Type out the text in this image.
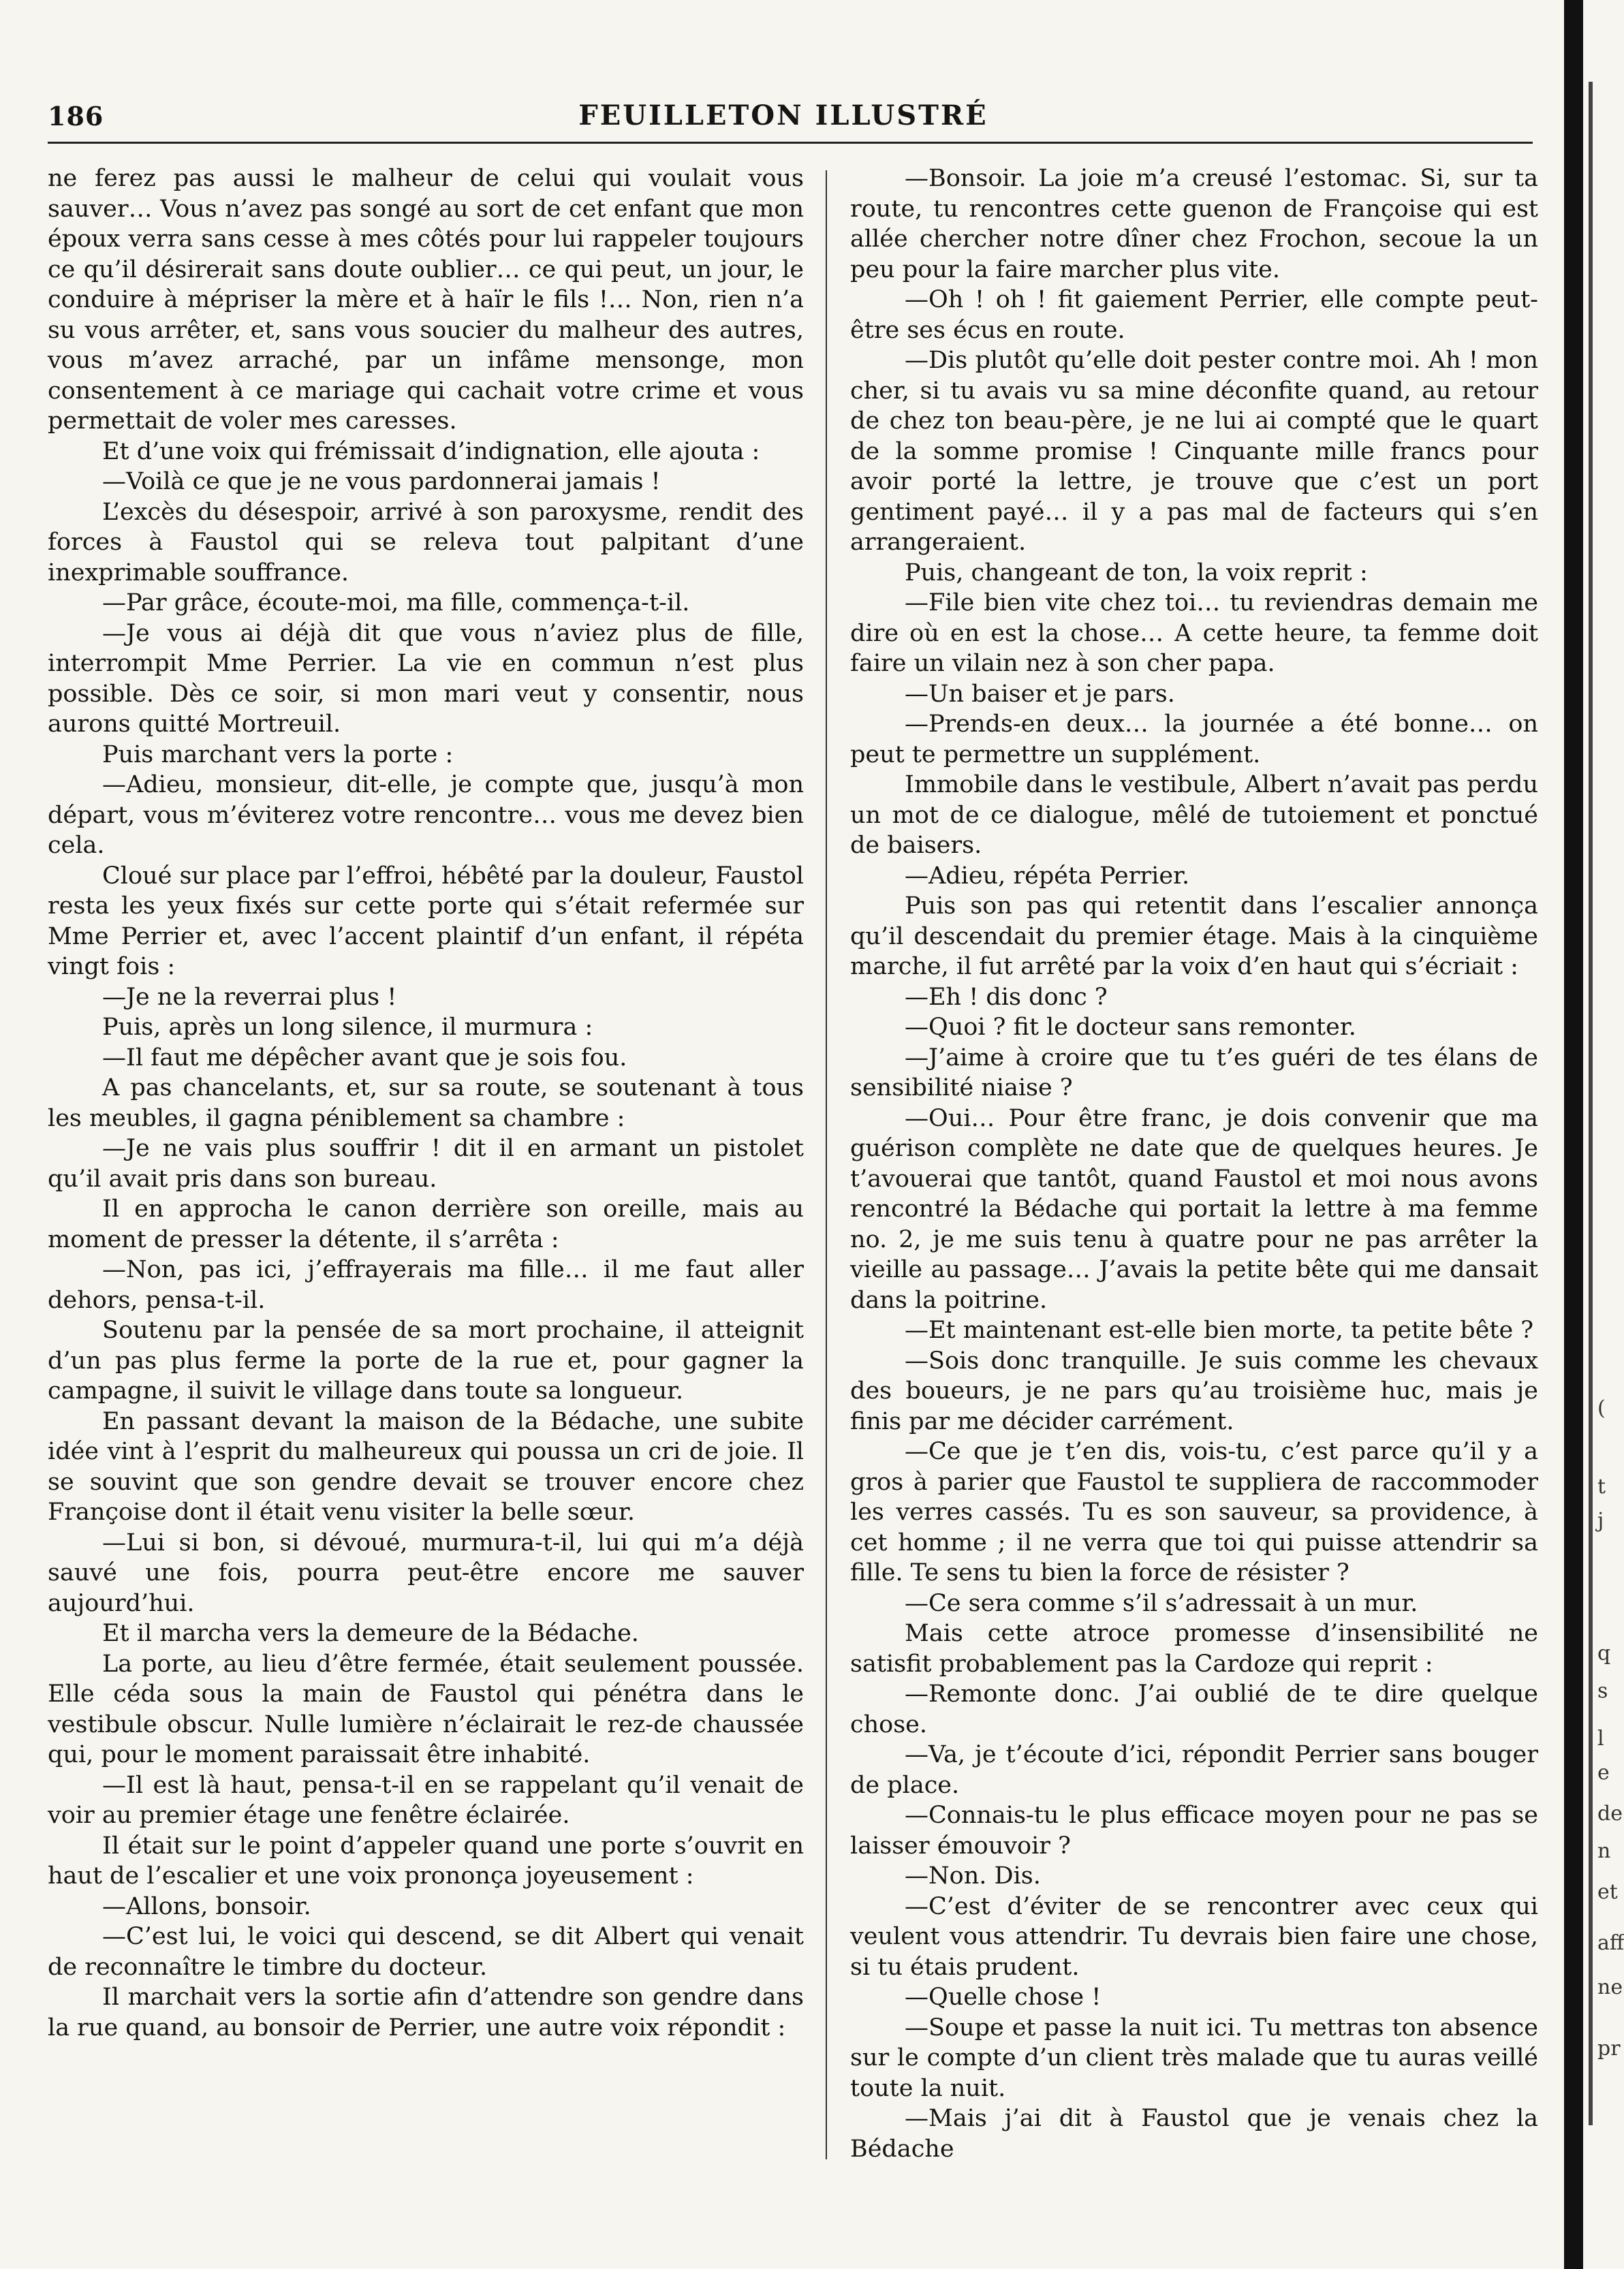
186	FEUILLETON ILLUSTRÉ

ne ferez pas aussi le malheur de celui qui voulait vous sauver… Vous n’avez pas songé au sort de cet enfant que mon époux verra sans cesse à mes côtés pour lui rappeler toujours ce qu’il désirerait sans doute oublier… ce qui peut, un jour, le conduire à mépriser la mère et à haïr le fils !… Non, rien n’a su vous arrêter, et, sans vous soucier du malheur des autres, vous m’avez arraché, par un infâme mensonge, mon consentement à ce mariage qui cachait votre crime et vous permettait de voler mes caresses.

Et d’une voix qui frémissait d’indignation, elle ajouta :

—Voilà ce que je ne vous pardonnerai jamais !

L’excès du désespoir, arrivé à son paroxysme, rendit des forces à Faustol qui se releva tout palpitant d’une inexprimable souffrance.

—Par grâce, écoute-moi, ma fille, commença-t-il.

—Je vous ai déjà dit que vous n’aviez plus de fille, interrompit Mme Perrier. La vie en commun n’est plus possible. Dès ce soir, si mon mari veut y consentir, nous aurons quitté Mortreuil.

Puis marchant vers la porte :

—Adieu, monsieur, dit-elle, je compte que, jusqu’à mon départ, vous m’éviterez votre rencontre… vous me devez bien cela.

Cloué sur place par l’effroi, hébêté par la douleur, Faustol resta les yeux fixés sur cette porte qui s’était refermée sur Mme Perrier et, avec l’accent plaintif d’un enfant, il répéta vingt fois :

—Je ne la reverrai plus !

Puis, après un long silence, il murmura :

—Il faut me dépêcher avant que je sois fou.

A pas chancelants, et, sur sa route, se soutenant à tous les meubles, il gagna péniblement sa chambre :

—Je ne vais plus souffrir ! dit il en armant un pistolet qu’il avait pris dans son bureau.

Il en approcha le canon derrière son oreille, mais au moment de presser la détente, il s’arrêta :

—Non, pas ici, j’effrayerais ma fille… il me faut aller dehors, pensa-t-il.

Soutenu par la pensée de sa mort prochaine, il atteignit d’un pas plus ferme la porte de la rue et, pour gagner la campagne, il suivit le village dans toute sa longueur.

En passant devant la maison de la Bédache, une subite idée vint à l’esprit du malheureux qui poussa un cri de joie. Il se souvint que son gendre devait se trouver encore chez Françoise dont il était venu visiter la belle sœur.

—Lui si bon, si dévoué, murmura-t-il, lui qui m’a déjà sauvé une fois, pourra peut-être encore me sauver aujourd’hui.

Et il marcha vers la demeure de la Bédache.

La porte, au lieu d’être fermée, était seulement poussée. Elle céda sous la main de Faustol qui pénétra dans le vestibule obscur. Nulle lumière n’éclairait le rez-de chaussée qui, pour le moment paraissait être inhabité.

—Il est là haut, pensa-t-il en se rappelant qu’il venait de voir au premier étage une fenêtre éclairée.

Il était sur le point d’appeler quand une porte s’ouvrit en haut de l’escalier et une voix prononça joyeusement :

—Allons, bonsoir.

—C’est lui, le voici qui descend, se dit Albert qui venait de reconnaître le timbre du docteur.

Il marchait vers la sortie afin d’attendre son gendre dans la rue quand, au bonsoir de Perrier, une autre voix répondit :

—Bonsoir. La joie m’a creusé l’estomac. Si, sur ta route, tu rencontres cette guenon de Françoise qui est allée chercher notre dîner chez Frochon, secoue la un peu pour la faire marcher plus vite.

—Oh ! oh ! fit gaiement Perrier, elle compte peut-être ses écus en route.

—Dis plutôt qu’elle doit pester contre moi. Ah ! mon cher, si tu avais vu sa mine déconfite quand, au retour de chez ton beau-père, je ne lui ai compté que le quart de la somme promise ! Cinquante mille francs pour avoir porté la lettre, je trouve que c’est un port gentiment payé… il y a pas mal de facteurs qui s’en arrangeraient.

Puis, changeant de ton, la voix reprit :

—File bien vite chez toi… tu reviendras demain me dire où en est la chose… A cette heure, ta femme doit faire un vilain nez à son cher papa.

—Un baiser et je pars.

—Prends-en deux… la journée a été bonne… on peut te permettre un supplément.

Immobile dans le vestibule, Albert n’avait pas perdu un mot de ce dialogue, mêlé de tutoiement et ponctué de baisers.

—Adieu, répéta Perrier.

Puis son pas qui retentit dans l’escalier annonça qu’il descendait du premier étage. Mais à la cinquième marche, il fut arrêté par la voix d’en haut qui s’écriait :

—Eh ! dis donc ?

—Quoi ? fit le docteur sans remonter.

—J’aime à croire que tu t’es guéri de tes élans de sensibilité niaise ?

—Oui… Pour être franc, je dois convenir que ma guérison complète ne date que de quelques heures. Je t’avouerai que tantôt, quand Faustol et moi nous avons rencontré la Bédache qui portait la lettre à ma femme no. 2, je me suis tenu à quatre pour ne pas arrêter la vieille au passage… J’avais la petite bête qui me dansait dans la poitrine.

—Et maintenant est-elle bien morte, ta petite bête ?

—Sois donc tranquille. Je suis comme les chevaux des boueurs, je ne pars qu’au troisième huc, mais je finis par me décider carrément.

—Ce que je t’en dis, vois-tu, c’est parce qu’il y a gros à parier que Faustol te suppliera de raccommoder les verres cassés. Tu es son sauveur, sa providence, à cet homme ; il ne verra que toi qui puisse attendrir sa fille. Te sens tu bien la force de résister ?

—Ce sera comme s’il s’adressait à un mur.

Mais cette atroce promesse d’insensibilité ne satisfit probablement pas la Cardoze qui reprit :

—Remonte donc. J’ai oublié de te dire quelque chose.

—Va, je t’écoute d’ici, répondit Perrier sans bouger de place.

—Connais-tu le plus efficace moyen pour ne pas se laisser émouvoir ?

—Non. Dis.

—C’est d’éviter de se rencontrer avec ceux qui veulent vous attendrir. Tu devrais bien faire une chose, si tu étais prudent.

—Quelle chose !

—Soupe et passe la nuit ici. Tu mettras ton absence sur le compte d’un client très malade que tu auras veillé toute la nuit.

—Mais j’ai dit à Faustol que je venais chez la Bédache

(
t
j
q
s
l
e
de
n
et
aff
ne
pr
